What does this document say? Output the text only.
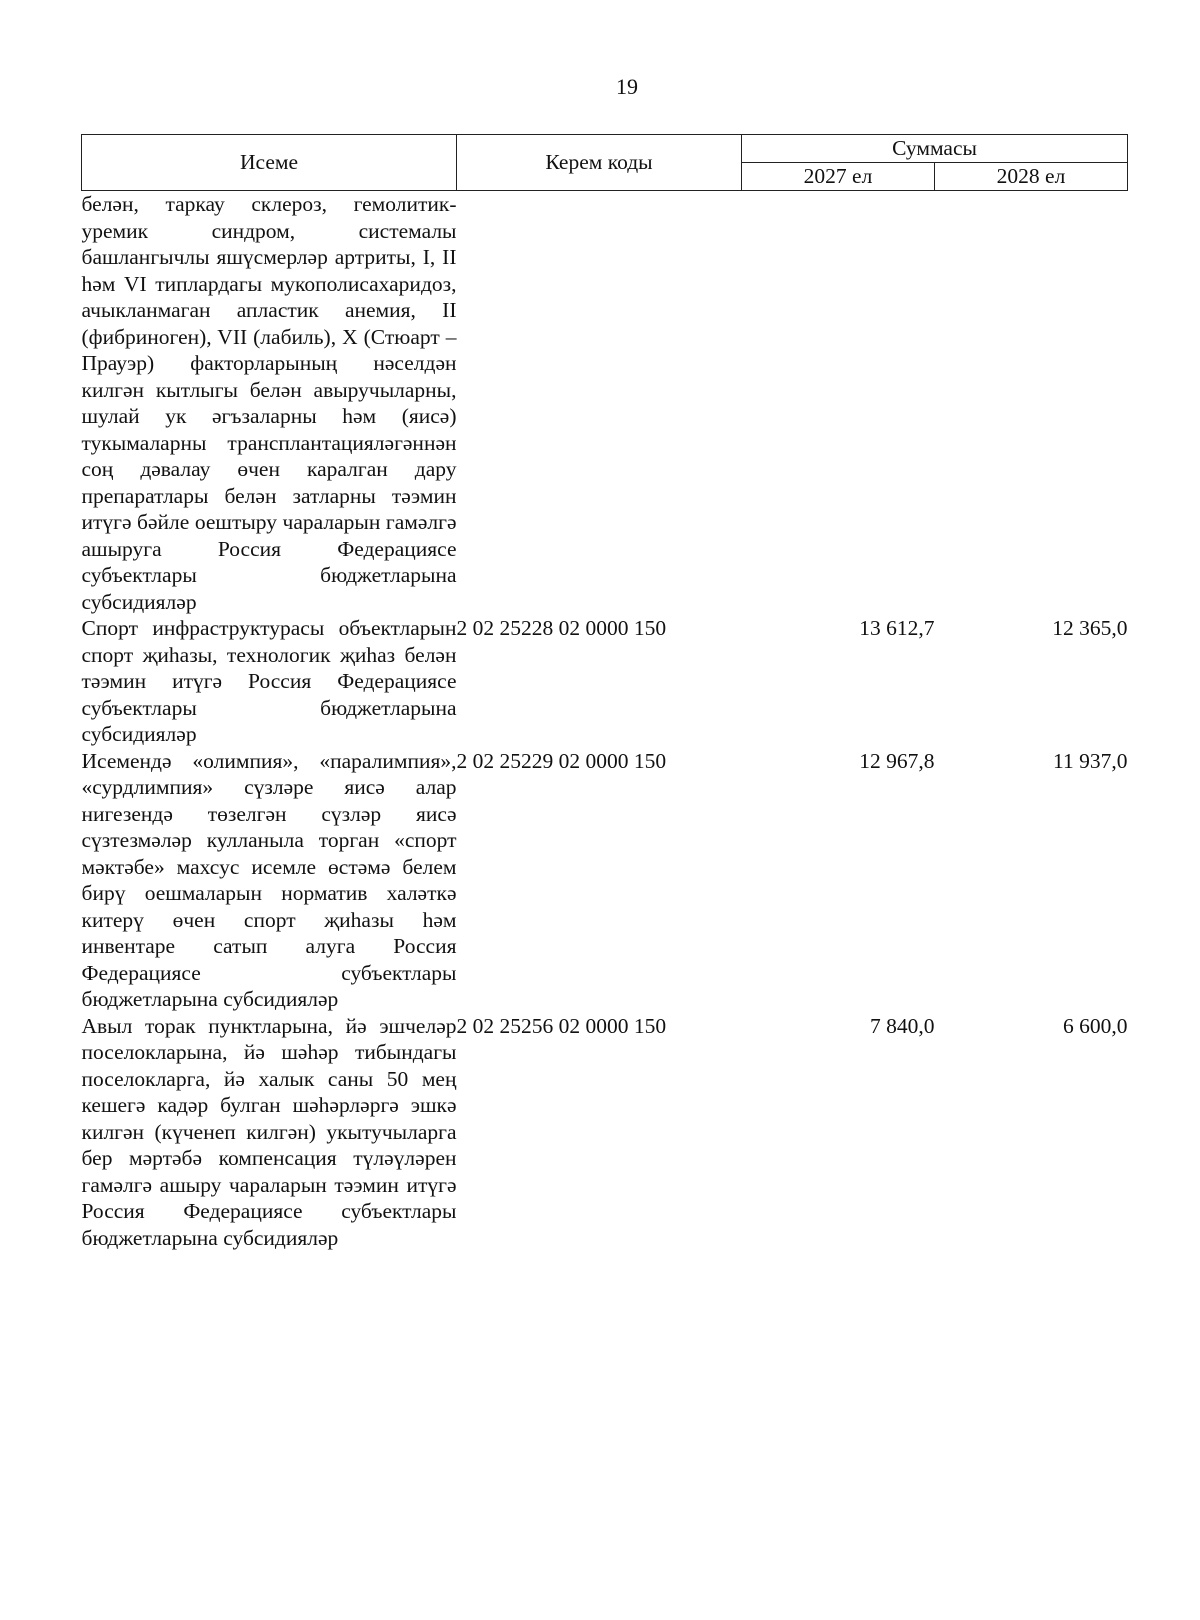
19
Исеме	Керем коды	Суммасы	
		2027 ел	2028 ел
белән, таркау склероз, гемолитик-уремик синдром, системалы башлангычлы яшүсмерләр артриты, I, II һәм VI типлардагы мукополисахаридоз, ачыкланмаган апластик анемия, II (фибриноген), VII (лабиль), X (Стюарт – Прауэр) факторларының нәселдән килгән кытлыгы белән авыручыларны, шулай ук әгъзаларны һәм (яисә) тукымаларны трансплантацияләгәннән соң дәвалау өчен каралган дару препаратлары белән затларны тәэмин итүгә бәйле оештыру чараларын гамәлгә ашыруга Россия Федерациясе субъектлары бюджетларына субсидияләр			
Спорт инфраструктурасы объектларын спорт җиһазы, технологик җиһаз белән тәэмин итүгә Россия Федерациясе субъектлары бюджетларына субсидияләр	2 02 25228 02 0000 150	13 612,7	12 365,0
Исемендә «олимпия», «паралимпия», «сурдлимпия» сүзләре яисә алар нигезендә төзелгән сүзләр яисә сүзтезмәләр кулланыла торган «спорт мәктәбе» махсус исемле өстәмә белем бирү оешмаларын норматив халәткә китерү өчен спорт җиһазы һәм инвентаре сатып алуга Россия Федерациясе субъектлары бюджетларына субсидияләр	2 02 25229 02 0000 150	12 967,8	11 937,0
Авыл торак пунктларына, йә эшчеләр поселокларына, йә шәһәр тибындагы поселокларга, йә халык саны 50 мең кешегә кадәр булган шәһәрләргә эшкә килгән (күченеп килгән) укытучыларга бер мәртәбә компенсация түләүләрен гамәлгә ашыру чараларын тәэмин итүгә Россия Федерациясе субъектлары бюджетларына субсидияләр	2 02 25256 02 0000 150	7 840,0	6 600,0
